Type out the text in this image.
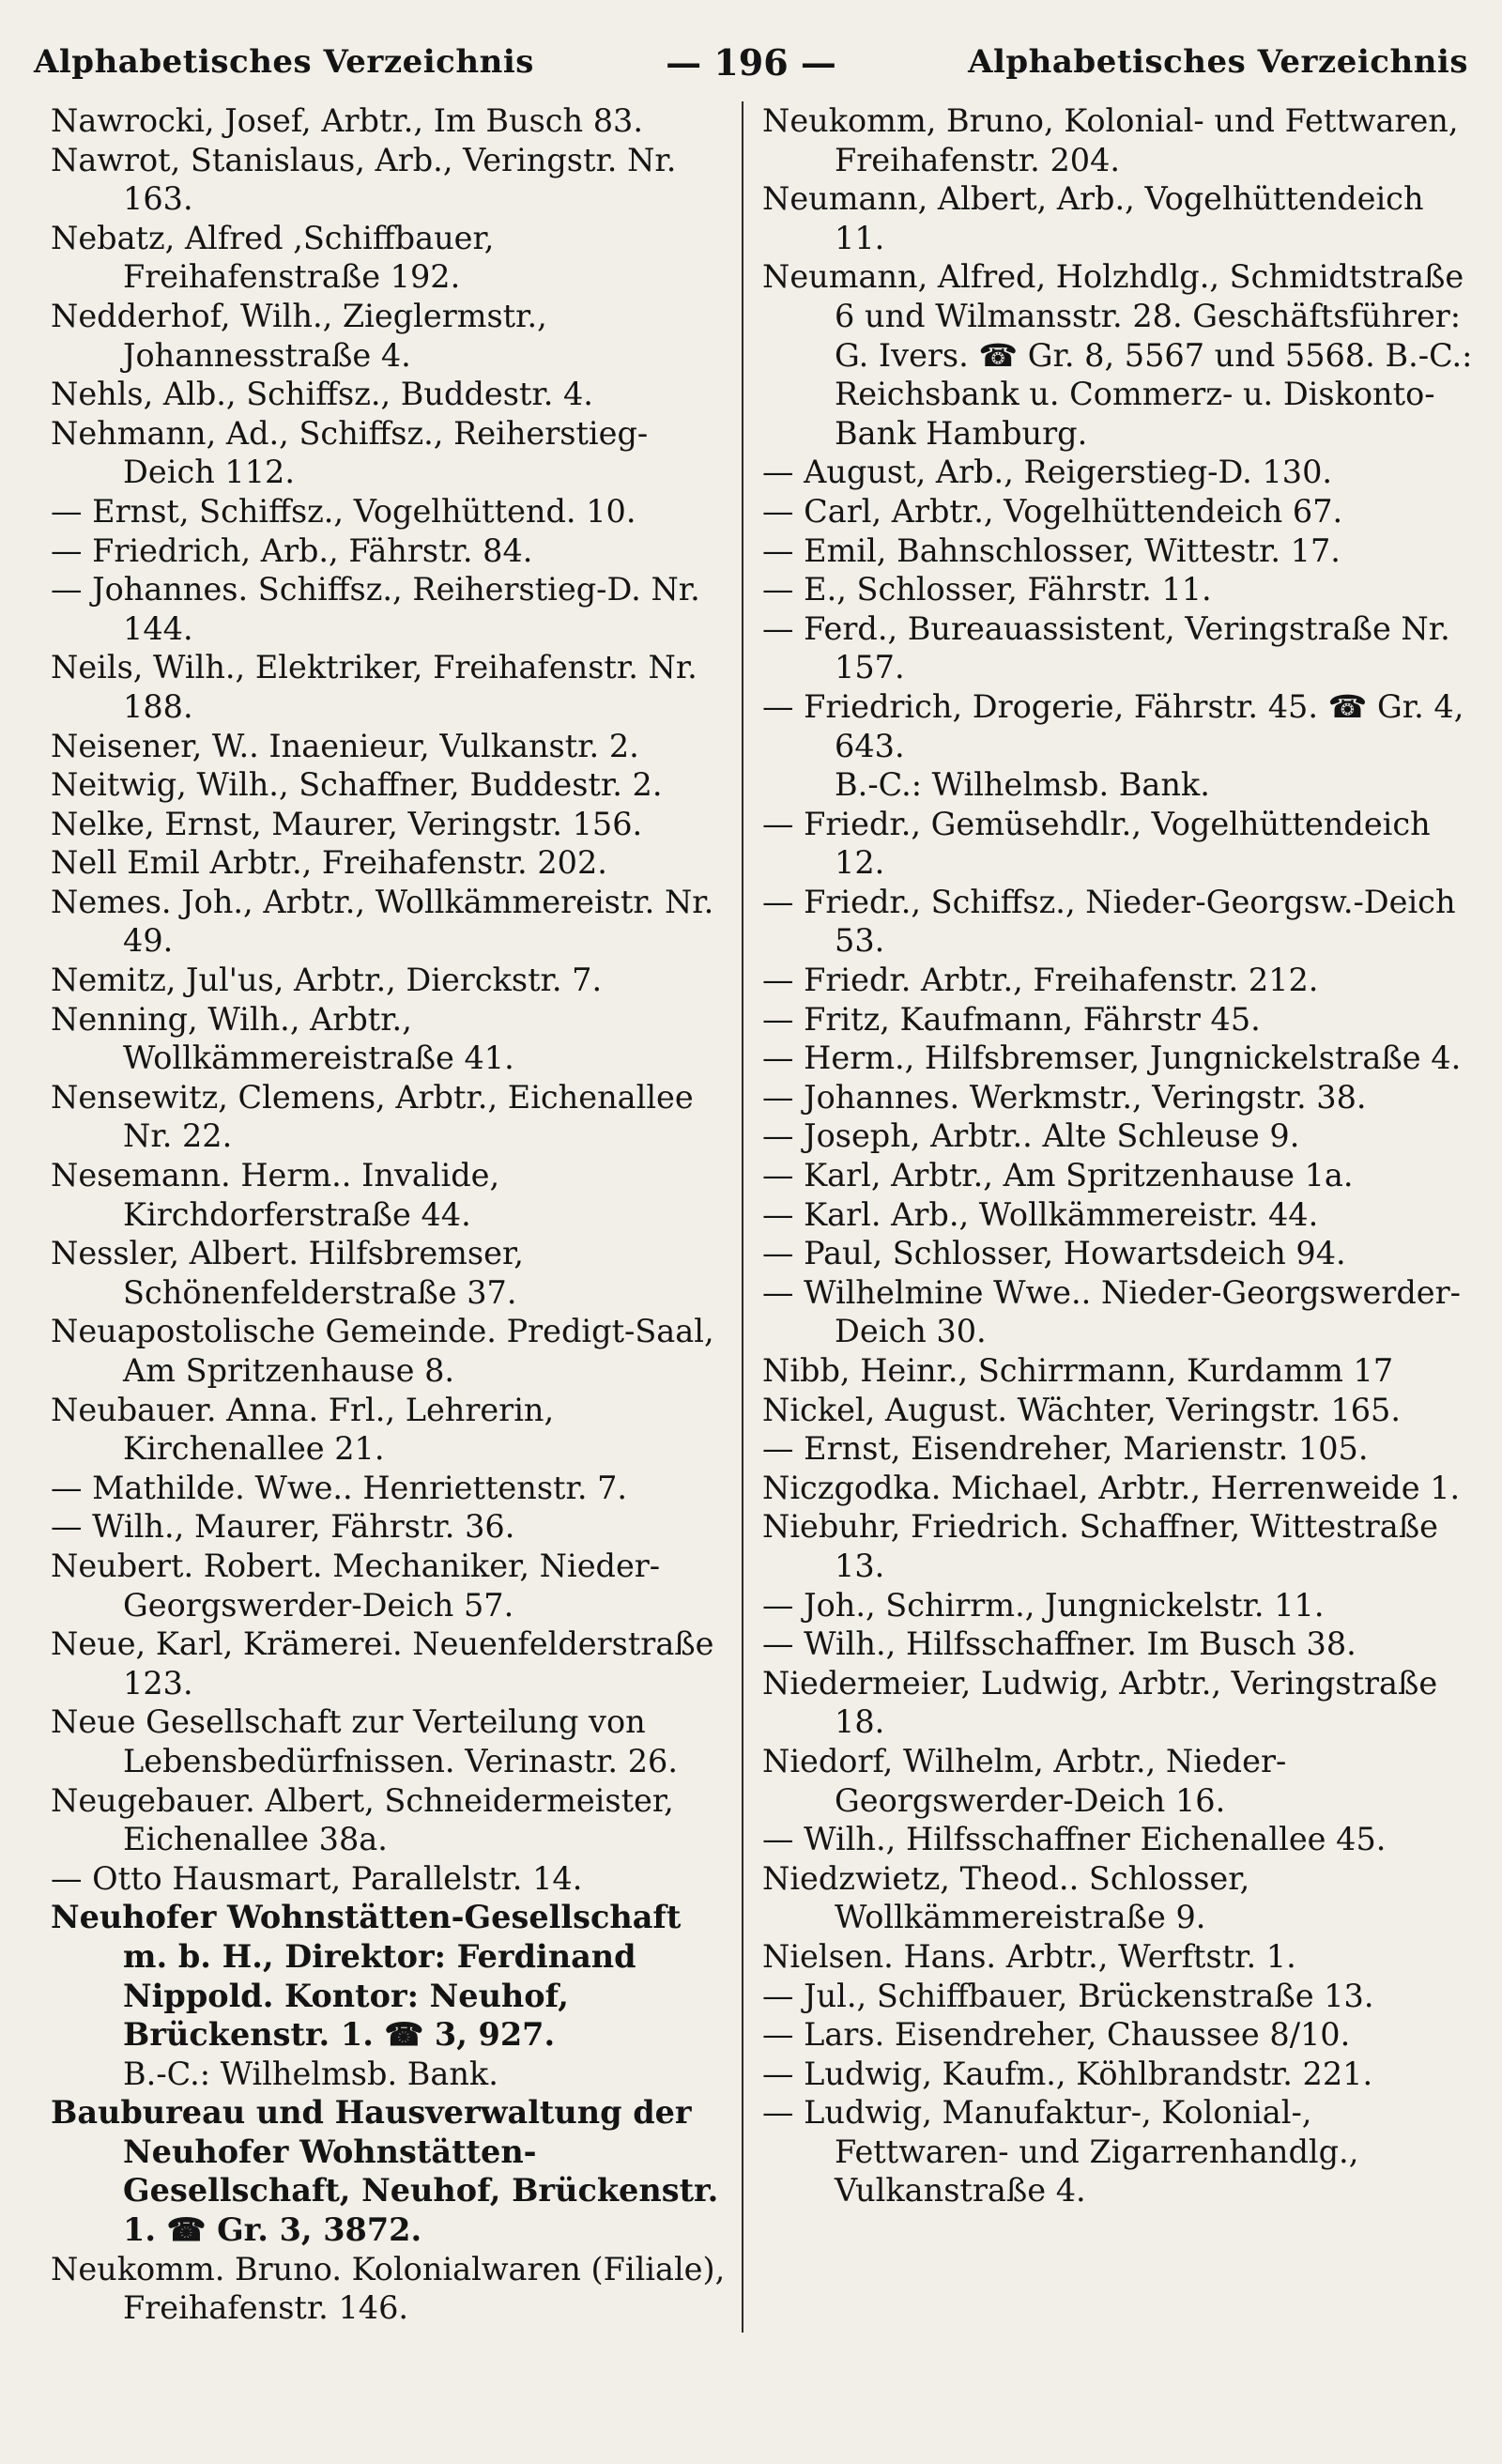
Alphabetisches Verzeichnis	— 196 —	Alphabetisches Verzeichnis

Nawrocki, Josef, Arbtr., Im Busch 83.

Nawrot, Stanislaus, Arb., Veringstr. Nr. 163.

Nebatz, Alfred ,Schiffbauer, Freihafenstraße 192.

Nedderhof, Wilh., Zieglermstr., Johannesstraße 4.

Nehls, Alb., Schiffsz., Buddestr. 4.

Nehmann, Ad., Schiffsz., Reiherstieg-Deich 112.

— Ernst, Schiffsz., Vogelhüttend. 10.

— Friedrich, Arb., Fährstr. 84.

— Johannes. Schiffsz., Reiherstieg-D. Nr. 144.

Neils, Wilh., Elektriker, Freihafenstr. Nr. 188.

Neisener, W.. Inaenieur, Vulkanstr. 2.

Neitwig, Wilh., Schaffner, Buddestr. 2.

Nelke, Ernst, Maurer, Veringstr. 156.

Nell Emil Arbtr., Freihafenstr. 202.

Nemes. Joh., Arbtr., Wollkämmereistr. Nr. 49.

Nemitz, Jul'us, Arbtr., Dierckstr. 7.

Nenning, Wilh., Arbtr., Wollkämmereistraße 41.

Nensewitz, Clemens, Arbtr., Eichenallee Nr. 22.

Nesemann. Herm.. Invalide, Kirchdorferstraße 44.

Nessler, Albert. Hilfsbremser, Schönenfelderstraße 37.

Neuapostolische Gemeinde. Predigt-Saal, Am Spritzenhause 8.

Neubauer. Anna. Frl., Lehrerin, Kirchenallee 21.

— Mathilde. Wwe.. Henriettenstr. 7.

— Wilh., Maurer, Fährstr. 36.

Neubert. Robert. Mechaniker, Nieder-Georgswerder-Deich 57.

Neue, Karl, Krämerei. Neuenfelderstraße 123.

Neue Gesellschaft zur Verteilung von Lebensbedürfnissen. Verinastr. 26.

Neugebauer. Albert, Schneidermeister, Eichenallee 38a.

— Otto Hausmart, Parallelstr. 14.

Neuhofer Wohnstätten-Gesellschaft m. b. H., Direktor: Ferdinand Nippold. Kontor: Neuhof, Brückenstr. 1. ☎ 3, 927.

B.-C.: Wilhelmsb. Bank.

Baubureau und Hausverwaltung der Neuhofer Wohnstätten-Gesellschaft, Neuhof, Brückenstr. 1. ☎ Gr. 3, 3872.

Neukomm. Bruno. Kolonialwaren (Filiale), Freihafenstr. 146.

Neukomm, Bruno, Kolonial- und Fettwaren, Freihafenstr. 204.

Neumann, Albert, Arb., Vogelhüttendeich 11.

Neumann, Alfred, Holzhdlg., Schmidtstraße 6 und Wilmansstr. 28. Geschäftsführer: G. Ivers. ☎ Gr. 8, 5567 und 5568. B.-C.: Reichsbank u. Commerz- u. Diskonto-Bank Hamburg.

— August, Arb., Reigerstieg-D. 130.

— Carl, Arbtr., Vogelhüttendeich 67.

— Emil, Bahnschlosser, Wittestr. 17.

— E., Schlosser, Fährstr. 11.

— Ferd., Bureauassistent, Veringstraße Nr. 157.

— Friedrich, Drogerie, Fährstr. 45. ☎ Gr. 4, 643.

B.-C.: Wilhelmsb. Bank.

— Friedr., Gemüsehdlr., Vogelhüttendeich 12.

— Friedr., Schiffsz., Nieder-Georgsw.-Deich 53.

— Friedr. Arbtr., Freihafenstr. 212.

— Fritz, Kaufmann, Fährstr 45.

— Herm., Hilfsbremser, Jungnickelstraße 4.

— Johannes. Werkmstr., Veringstr. 38.

— Joseph, Arbtr.. Alte Schleuse 9.

— Karl, Arbtr., Am Spritzenhause 1a.

— Karl. Arb., Wollkämmereistr. 44.

— Paul, Schlosser, Howartsdeich 94.

— Wilhelmine Wwe.. Nieder-Georgswerder-Deich 30.

Nibb, Heinr., Schirrmann, Kurdamm 17

Nickel, August. Wächter, Veringstr. 165.

— Ernst, Eisendreher, Marienstr. 105.

Niczgodka. Michael, Arbtr., Herrenweide 1.

Niebuhr, Friedrich. Schaffner, Wittestraße 13.

— Joh., Schirrm., Jungnickelstr. 11.

— Wilh., Hilfsschaffner. Im Busch 38.

Niedermeier, Ludwig, Arbtr., Veringstraße 18.

Niedorf, Wilhelm, Arbtr., Nieder-Georgswerder-Deich 16.

— Wilh., Hilfsschaffner Eichenallee 45.

Niedzwietz, Theod.. Schlosser, Wollkämmereistraße 9.

Nielsen. Hans. Arbtr., Werftstr. 1.

— Jul., Schiffbauer, Brückenstraße 13.

— Lars. Eisendreher, Chaussee 8/10.

— Ludwig, Kaufm., Köhlbrandstr. 221.

— Ludwig, Manufaktur-, Kolonial-, Fettwaren- und Zigarrenhandlg., Vulkanstraße 4.
